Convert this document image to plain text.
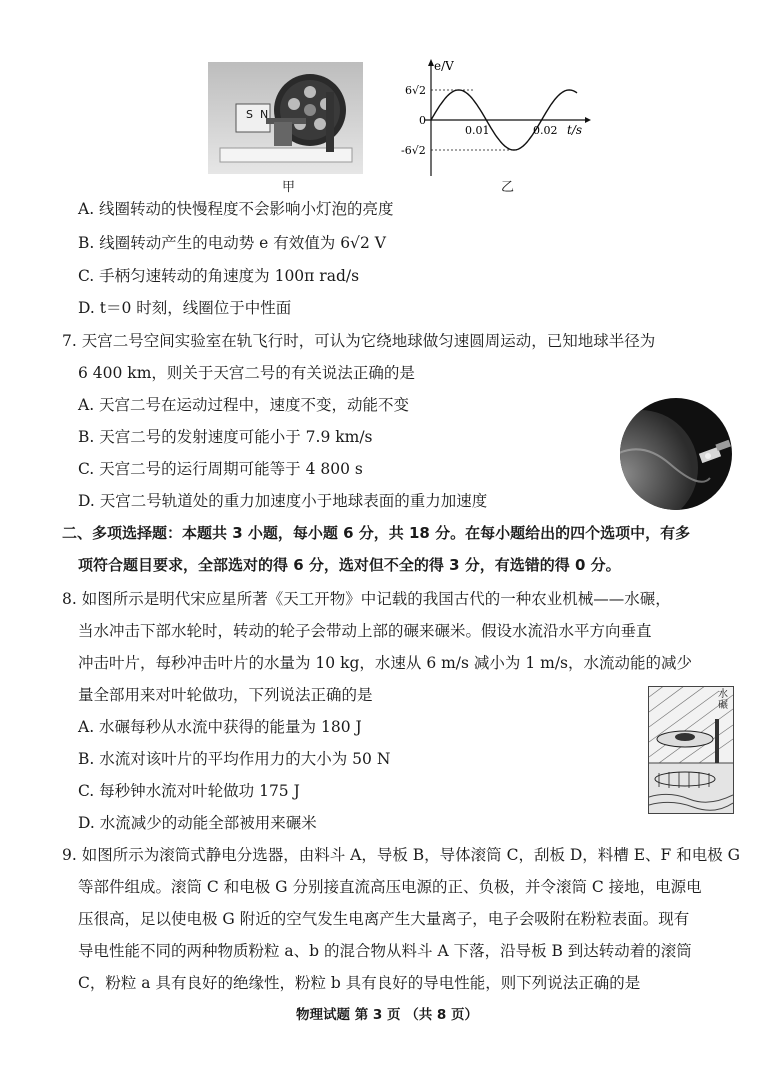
S N
甲
e/V
t/s
6√2
-6√2
0
0.01	0.02
乙
A. 线圈转动的快慢程度不会影响小灯泡的亮度
B. 线圈转动产生的电动势 e 有效值为 6√2 V
C. 手柄匀速转动的角速度为 100π rad/s
D. t＝0 时刻，线圈位于中性面
7. 天宫二号空间实验室在轨飞行时，可认为它绕地球做匀速圆周运动，已知地球半径为
6 400 km，则关于天宫二号的有关说法正确的是
A. 天宫二号在运动过程中，速度不变，动能不变
B. 天宫二号的发射速度可能小于 7.9 km/s
C. 天宫二号的运行周期可能等于 4 800 s
D. 天宫二号轨道处的重力加速度小于地球表面的重力加速度
二、多项选择题：本题共 3 小题，每小题 6 分，共 18 分。在每小题给出的四个选项中，有多
项符合题目要求，全部选对的得 6 分，选对但不全的得 3 分，有选错的得 0 分。
8. 如图所示是明代宋应星所著《天工开物》中记载的我国古代的一种农业机械——水碾，
当水冲击下部水轮时，转动的轮子会带动上部的碾来碾米。假设水流沿水平方向垂直
冲击叶片，每秒冲击叶片的水量为 10 kg，水速从 6 m/s 减小为 1 m/s，水流动能的减少
量全部用来对叶轮做功，下列说法正确的是
A. 水碾每秒从水流中获得的能量为 180 J
B. 水流对该叶片的平均作用力的大小为 50 N
C. 每秒钟水流对叶轮做功 175 J
D. 水流减少的动能全部被用来碾米
水碾
9. 如图所示为滚筒式静电分选器，由料斗 A，导板 B，导体滚筒 C，刮板 D，料槽 E、F 和电极 G
等部件组成。滚筒 C 和电极 G 分别接直流高压电源的正、负极，并令滚筒 C 接地，电源电
压很高，足以使电极 G 附近的空气发生电离产生大量离子，电子会吸附在粉粒表面。现有
导电性能不同的两种物质粉粒 a、b 的混合物从料斗 A 下落，沿导板 B 到达转动着的滚筒
C，粉粒 a 具有良好的绝缘性，粉粒 b 具有良好的导电性能，则下列说法正确的是
物理试题 第 3 页 （共 8 页）
